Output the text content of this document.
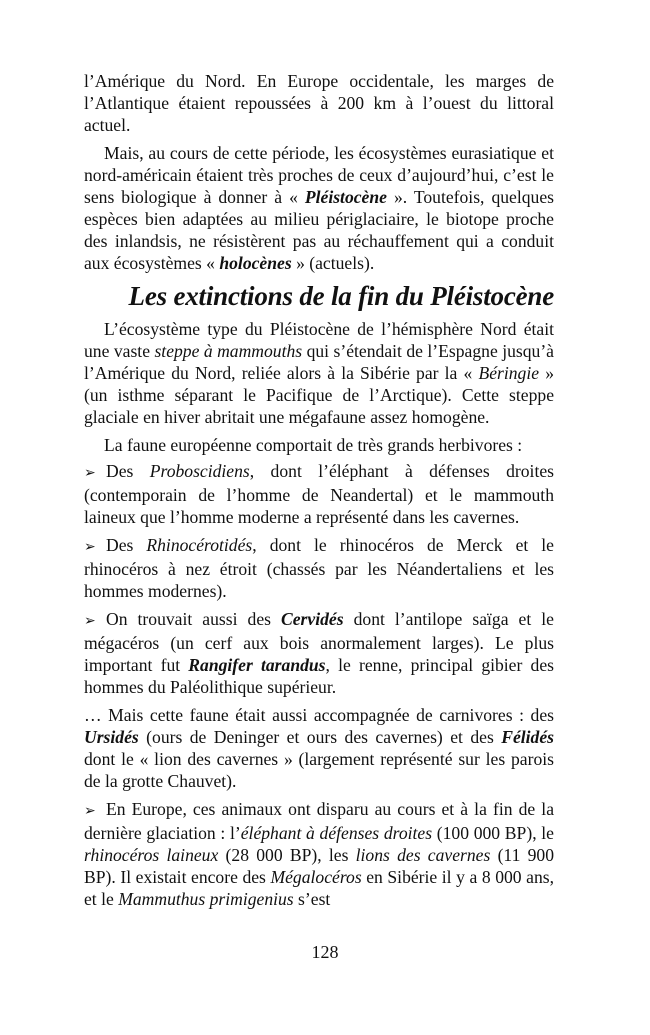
l’Amérique du Nord. En Europe occidentale, les marges de l’Atlantique étaient repoussées à 200 km à l’ouest du littoral actuel.

Mais, au cours de cette période, les écosystèmes eurasiatique et nord-américain étaient très proches de ceux d’aujourd’hui, c’est le sens biologique à donner à « Pléistocène ». Toutefois, quelques espèces bien adaptées au milieu périglaciaire, le biotope proche des inlandsis, ne résistèrent pas au réchauffement qui a conduit aux écosystèmes « holocènes » (actuels).

Les extinctions de la fin du Pléistocène

L’écosystème type du Pléistocène de l’hémisphère Nord était une vaste steppe à mammouths qui s’étendait de l’Espagne jusqu’à l’Amérique du Nord, reliée alors à la Sibérie par la « Béringie » (un isthme séparant le Pacifique de l’Arctique). Cette steppe glaciale en hiver abritait une mégafaune assez homogène.

La faune européenne comportait de très grands herbivores :

➢ Des Proboscidiens, dont l’éléphant à défenses droites (contemporain de l’homme de Neandertal) et le mammouth laineux que l’homme moderne a représenté dans les cavernes.

➢ Des Rhinocérotidés, dont le rhinocéros de Merck et le rhinocéros à nez étroit (chassés par les Néandertaliens et les hommes modernes).

➢ On trouvait aussi des Cervidés dont l’antilope saïga et le mégacéros (un cerf aux bois anormalement larges). Le plus important fut Rangifer tarandus, le renne, principal gibier des hommes du Paléolithique supérieur.

… Mais cette faune était aussi accompagnée de carnivores : des Ursidés (ours de Deninger et ours des cavernes) et des Félidés dont le « lion des cavernes » (largement représenté sur les parois de la grotte Chauvet).

➢ En Europe, ces animaux ont disparu au cours et à la fin de la dernière glaciation : l’éléphant à défenses droites (100 000 BP), le rhinocéros laineux (28 000 BP), les lions des cavernes (11 900 BP). Il existait encore des Mégalocéros en Sibérie il y a 8 000 ans, et le Mammuthus primigenius s’est

128
